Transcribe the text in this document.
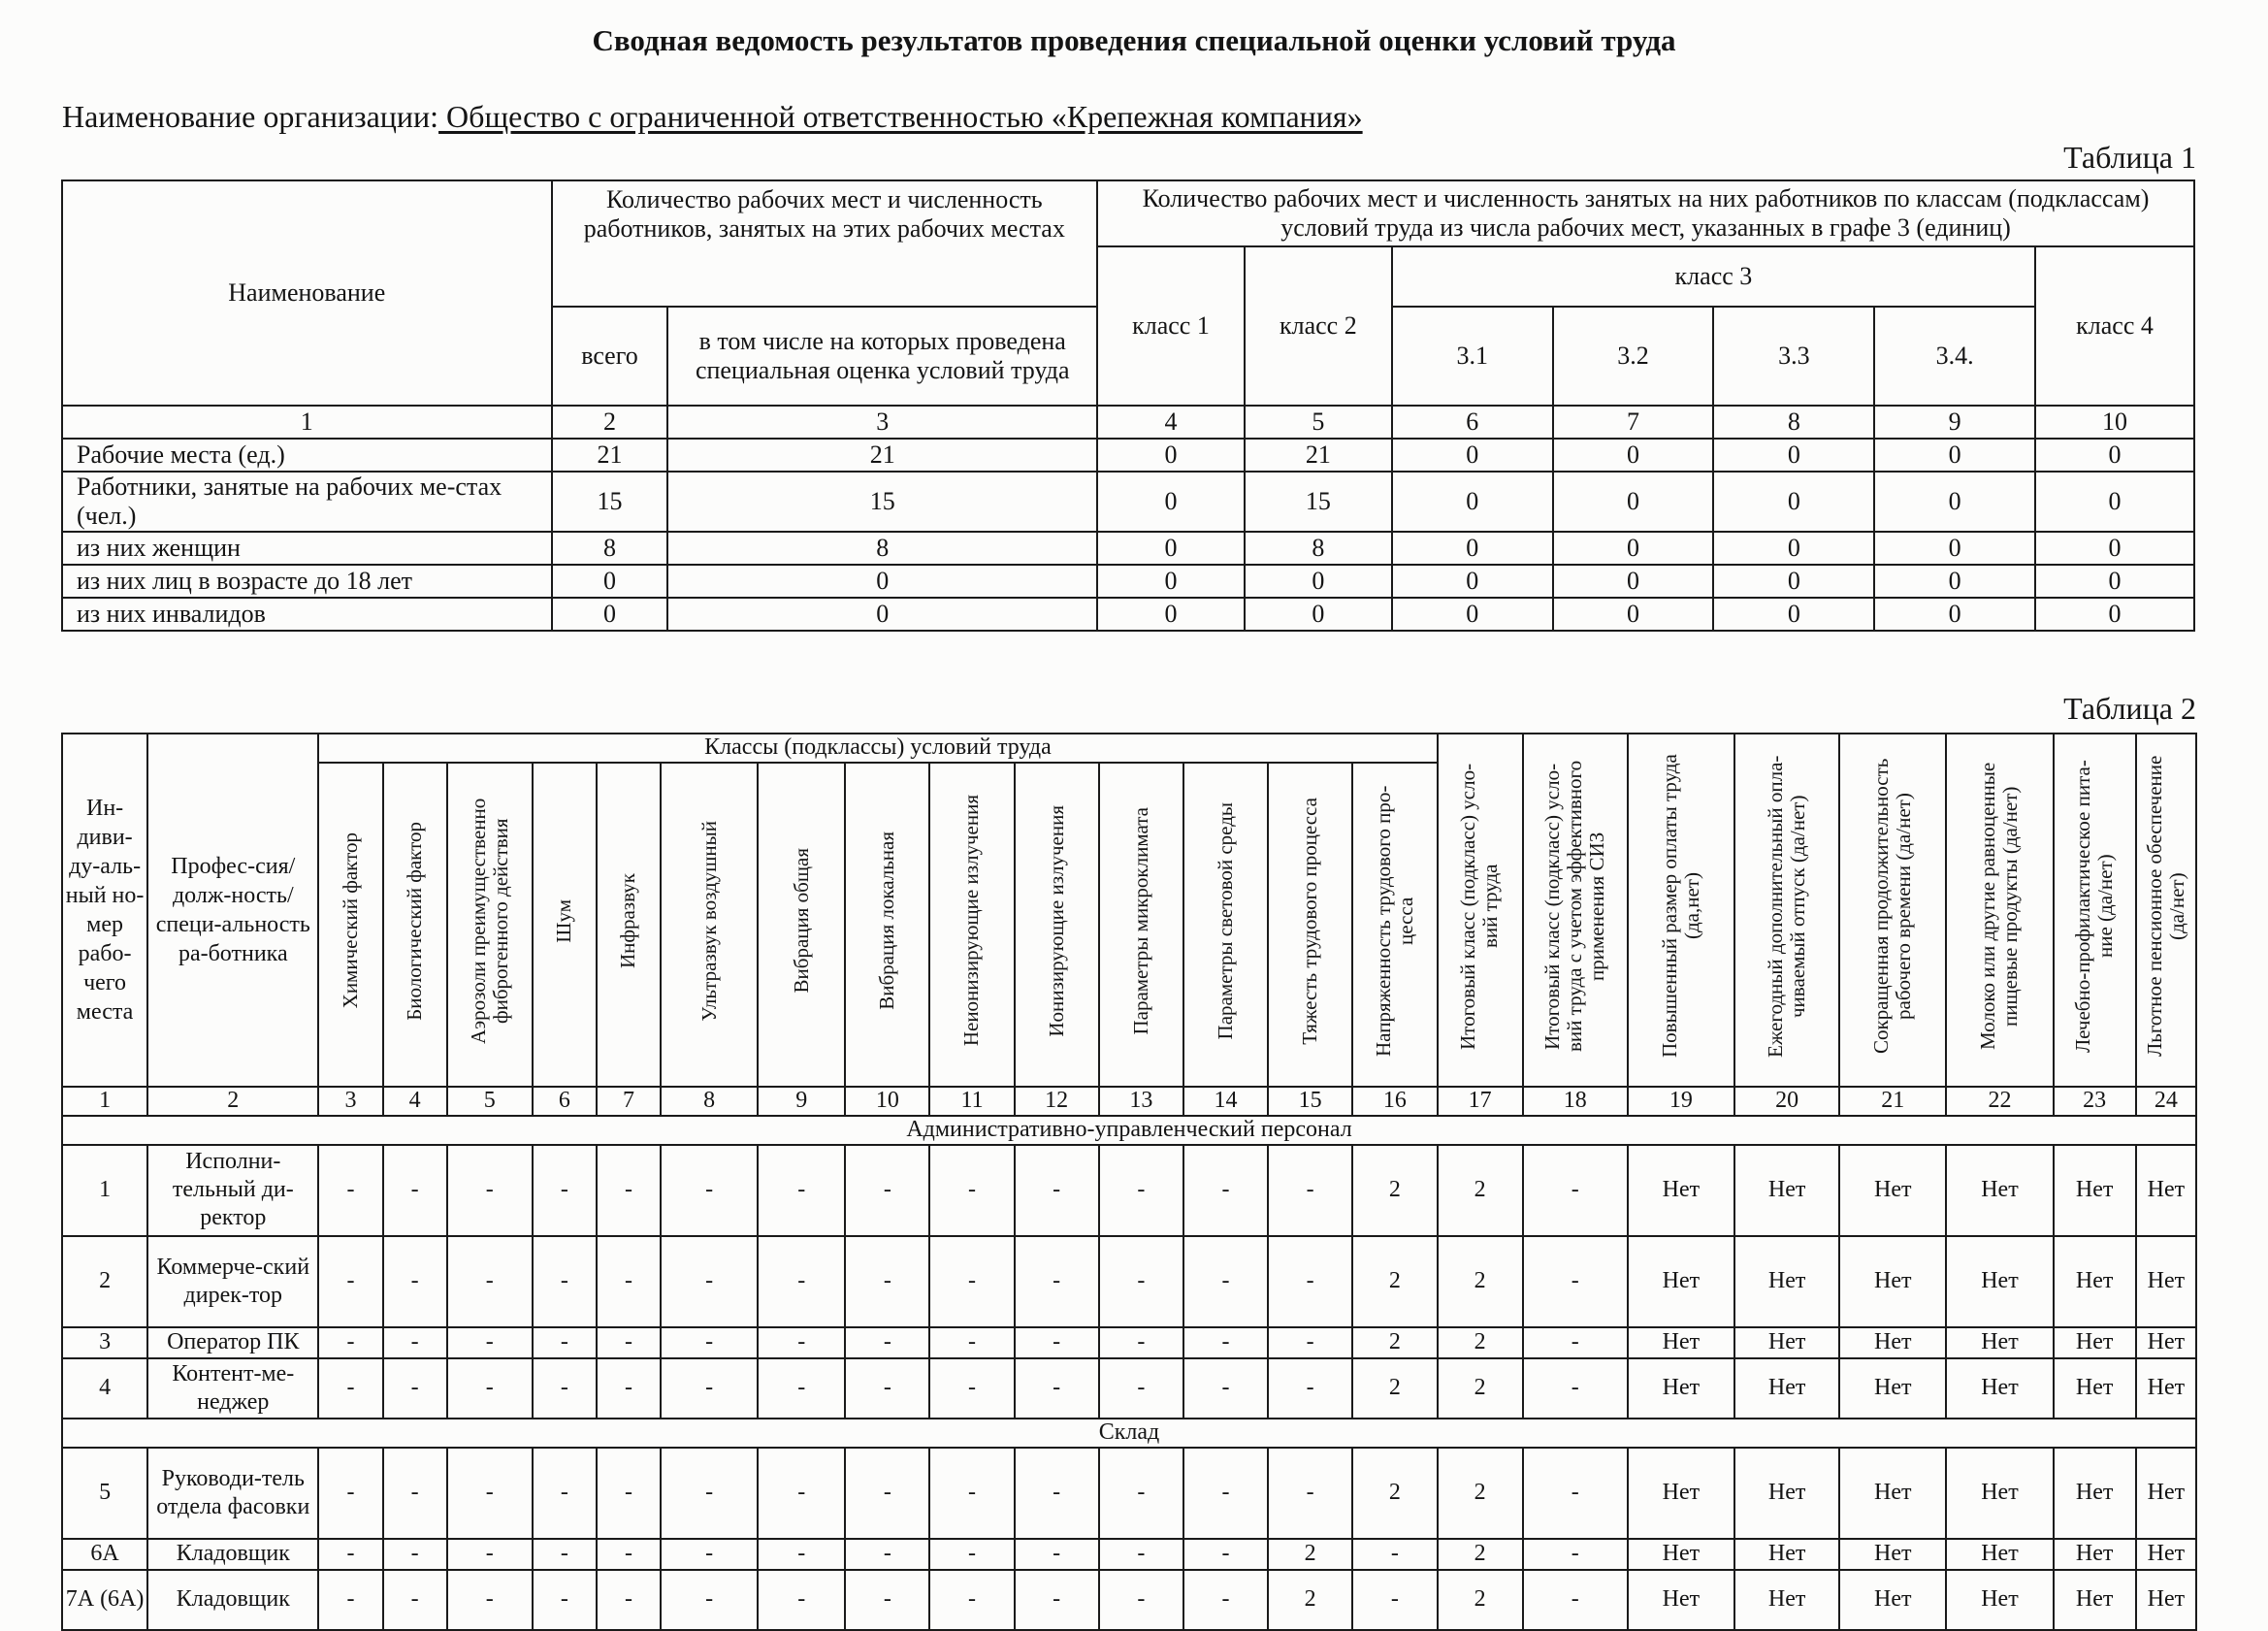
Сводная ведомость результатов проведения специальной оценки условий труда
Наименование организации: Общество с ограниченной ответственностью «Крепежная компания»
Таблица 1
Наименование	Количество рабочих мест и численность работников, занятых на этих рабочих местах		Количество рабочих мест и численность занятых на них работников по классам (подклассам) условий труда из числа рабочих мест, указанных в графе 3 (единиц)						
			класс 1	класс 2	класс 3				класс 4
	всего	в том числе на которых проведена специальная оценка условий труда			3.1	3.2	3.3	3.4.	
1	2	3	4	5	6	7	8	9	10
Рабочие места (ед.)	21	21	0	21	0	0	0	0	0
Работники, занятые на рабочих ме-стах (чел.)	15	15	0	15	0	0	0	0	0
из них женщин	8	8	0	8	0	0	0	0	0
из них лиц в возрасте до 18 лет	0	0	0	0	0	0	0	0	0
из них инвалидов	0	0	0	0	0	0	0	0	0
Таблица 2
Ин-диви-ду-аль-ный но-мер рабо-чего места	Профес-сия/долж-ность/специ-альность ра-ботника	Классы (подклассы) условий труда														Итоговый класс (подкласс) усло-вий труда	Итоговый класс (подкласс) усло-вий труда с учетом эффективного применения СИЗ	Повышенный размер оплаты труда (да,нет)	Ежегодный дополнительный опла-чиваемый отпуск (да/нет)	Сокращенная продолжительность рабочего времени (да/нет)	Молоко или другие равноценные пищевые продукты (да/нет)	Лечебно-профилактическое пита-ние (да/нет)	Льготное пенсионное обеспечение (да/нет)
		Химический фактор	Биологический фактор	Аэрозоли преимущественно фиброгенного действия	Шум	Инфразвук	Ультразвук воздушный	Вибрация общая	Вибрация локальная	Неионизирующие излучения	Ионизирующие излучения	Параметры микроклимата	Параметры световой среды	Тяжесть трудового процесса	Напряженность трудового про-цесса								
1	2	3	4	5	6	7	8	9	10	11	12	13	14	15	16	17	18	19	20	21	22	23	24
Административно-управленческий персонал																							
1	Исполни-тельный ди-ректор	-	-	-	-	-	-	-	-	-	-	-	-	-	2	2	-	Нет	Нет	Нет	Нет	Нет	Нет
2	Коммерче-ский дирек-тор	-	-	-	-	-	-	-	-	-	-	-	-	-	2	2	-	Нет	Нет	Нет	Нет	Нет	Нет
3	Оператор ПК	-	-	-	-	-	-	-	-	-	-	-	-	-	2	2	-	Нет	Нет	Нет	Нет	Нет	Нет
4	Контент-ме-неджер	-	-	-	-	-	-	-	-	-	-	-	-	-	2	2	-	Нет	Нет	Нет	Нет	Нет	Нет
Склад																							
5	Руководи-тель отдела фасовки	-	-	-	-	-	-	-	-	-	-	-	-	-	2	2	-	Нет	Нет	Нет	Нет	Нет	Нет
6А	Кладовщик	-	-	-	-	-	-	-	-	-	-	-	-	2	-	2	-	Нет	Нет	Нет	Нет	Нет	Нет
7А (6А)	Кладовщик	-	-	-	-	-	-	-	-	-	-	-	-	2	-	2	-	Нет	Нет	Нет	Нет	Нет	Нет
